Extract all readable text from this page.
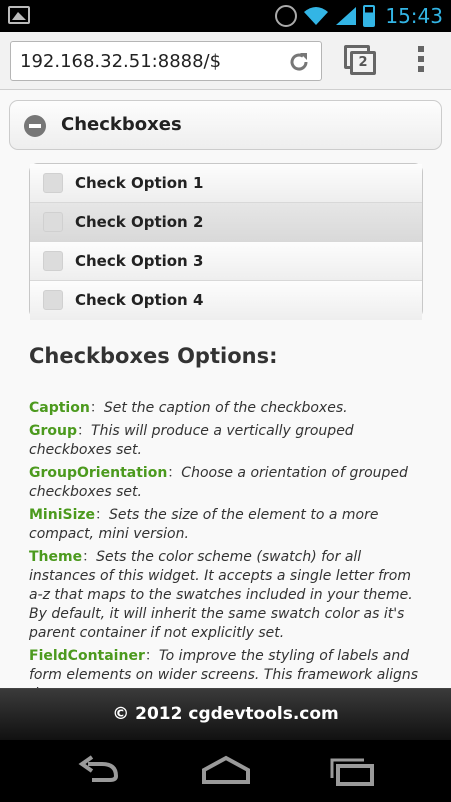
15:43
192.168.32.51:8888/$	2
Checkboxes
Check Option 1
Check Option 2
Check Option 3
Check Option 4
Checkboxes Options:

Caption：Set the caption of the checkboxes.

Group：This will produce a vertically grouped checkboxes set.

GroupOrientation：Choose a orientation of grouped checkboxes set.

MiniSize：Sets the size of the element to a more compact, mini version.

Theme：Sets the color scheme (swatch) for all instances of this widget. It accepts a single letter from a-z that maps to the swatches included in your theme. By default, it will inherit the same swatch color as it's parent container if not explicitly set.

FieldContainer：To improve the styling of labels and form elements on wider screens. This framework aligns

© 2012 cgdevtools.com
